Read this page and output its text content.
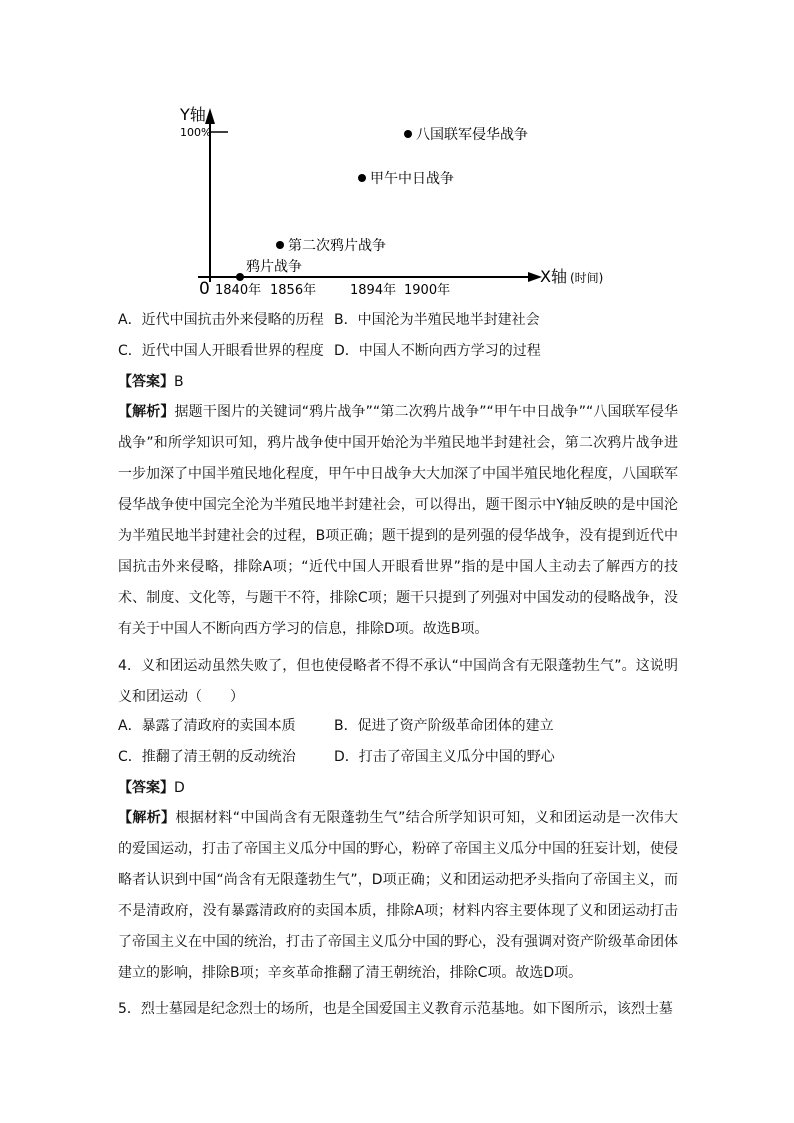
Y轴
100%
0
X轴 (时间)
1840年 1856年	1894年 1900年
鸦片战争
第二次鸦片战争
甲午中日战争
八国联军侵华战争
A．近代中国抗击外来侵略的历程 B．中国沦为半殖民地半封建社会
C．近代中国人开眼看世界的程度 D．中国人不断向西方学习的过程
【答案】B
【解析】据题干图片的关键词“鸦片战争”“第二次鸦片战争”“甲午中日战争”“八国联军侵华战争”和所学知识可知，鸦片战争使中国开始沦为半殖民地半封建社会，第二次鸦片战争进一步加深了中国半殖民地化程度，甲午中日战争大大加深了中国半殖民地化程度，八国联军侵华战争使中国完全沦为半殖民地半封建社会，可以得出，题干图示中Y轴反映的是中国沦为半殖民地半封建社会的过程，B项正确；题干提到的是列强的侵华战争，没有提到近代中国抗击外来侵略，排除A项；“近代中国人开眼看世界”指的是中国人主动去了解西方的技术、制度、文化等，与题干不符，排除C项；题干只提到了列强对中国发动的侵略战争，没有关于中国人不断向西方学习的信息，排除D项。故选B项。
4．义和团运动虽然失败了，但也使侵略者不得不承认“中国尚含有无限蓬勃生气”。这说明义和团运动（　　）
A．暴露了清政府的卖国本质	B．促进了资产阶级革命团体的建立
C．推翻了清王朝的反动统治	D．打击了帝国主义瓜分中国的野心
【答案】D
【解析】根据材料“中国尚含有无限蓬勃生气”结合所学知识可知，义和团运动是一次伟大的爱国运动，打击了帝国主义瓜分中国的野心，粉碎了帝国主义瓜分中国的狂妄计划，使侵略者认识到中国“尚含有无限蓬勃生气”，D项正确；义和团运动把矛头指向了帝国主义，而不是清政府，没有暴露清政府的卖国本质，排除A项；材料内容主要体现了义和团运动打击了帝国主义在中国的统治，打击了帝国主义瓜分中国的野心，没有强调对资产阶级革命团体建立的影响，排除B项；辛亥革命推翻了清王朝统治，排除C项。故选D项。
5．烈士墓园是纪念烈士的场所，也是全国爱国主义教育示范基地。如下图所示，该烈士墓
